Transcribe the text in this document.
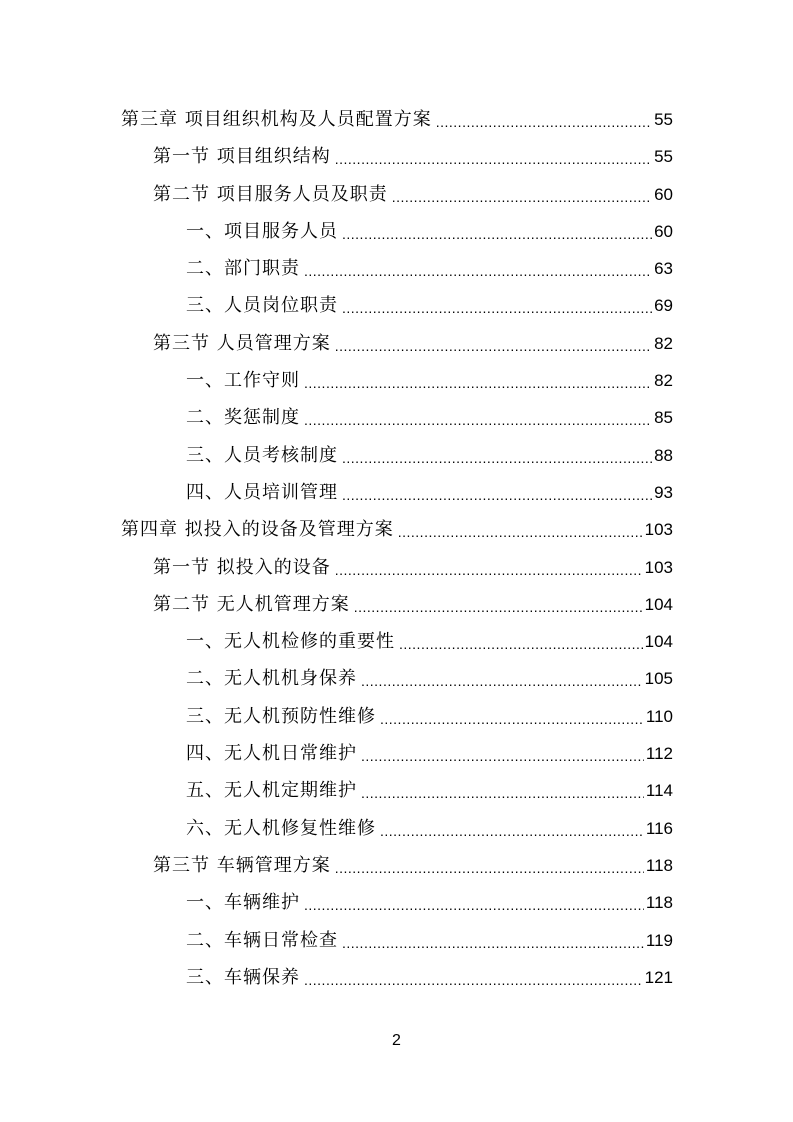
第三章 项目组织机构及人员配置方案 .....	55
第一节 项目组织结构 .....	55
第二节 项目服务人员及职责 .....	60
一、项目服务人员 .....	60
二、部门职责 .....	63
三、人员岗位职责 .....	69
第三节 人员管理方案 .....	82
一、工作守则 .....	82
二、奖惩制度 .....	85
三、人员考核制度 .....	88
四、人员培训管理 .....	93
第四章 拟投入的设备及管理方案 .....	103
第一节 拟投入的设备 .....	103
第二节 无人机管理方案 .....	104
一、无人机检修的重要性 .....	104
二、无人机机身保养 .....	105
三、无人机预防性维修 .....	110
四、无人机日常维护 .....	112
五、无人机定期维护 .....	114
六、无人机修复性维修 .....	116
第三节 车辆管理方案 .....	118
一、车辆维护 .....	118
二、车辆日常检查 .....	119
三、车辆保养 .....	121
2
